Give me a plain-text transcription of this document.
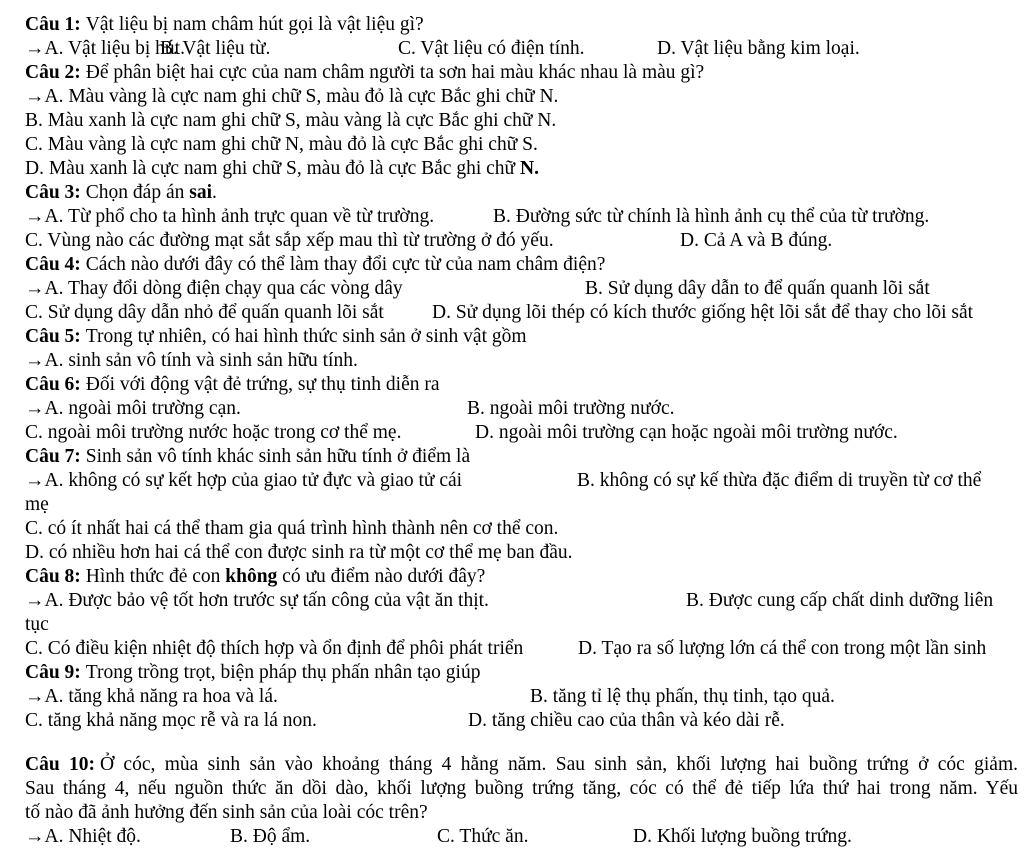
Câu 1: Vật liệu bị nam châm hút gọi là vật liệu gì?
→A. Vật liệu bị hút.
B. Vật liệu từ.	C. Vật liệu có điện tính.	D. Vật liệu bằng kim loại.
Câu 2: Để phân biệt hai cực của nam châm người ta sơn hai màu khác nhau là màu gì?
→A. Màu vàng là cực nam ghi chữ S, màu đỏ là cực Bắc ghi chữ N.
B. Màu xanh là cực nam ghi chữ S, màu vàng là cực Bắc ghi chữ N.
C. Màu vàng là cực nam ghi chữ N, màu đỏ là cực Bắc ghi chữ S.
D. Màu xanh là cực nam ghi chữ S, màu đỏ là cực Bắc ghi chữ N.
Câu 3: Chọn đáp án sai.
→A. Từ phổ cho ta hình ảnh trực quan về từ trường.	B. Đường sức từ chính là hình ảnh cụ thể của từ trường.
C. Vùng nào các đường mạt sắt sắp xếp mau thì từ trường ở đó yếu.	D. Cả A và B đúng.
Câu 4: Cách nào dưới đây có thể làm thay đổi cực từ của nam châm điện?
→A. Thay đổi dòng điện chạy qua các vòng dây	B. Sử dụng dây dẫn to để quấn quanh lõi sắt
C. Sử dụng dây dẫn nhỏ để quấn quanh lõi sắt D. Sử dụng lõi thép có kích thước giống hệt lõi sắt để thay cho lõi sắt
Câu 5: Trong tự nhiên, có hai hình thức sinh sản ở sinh vật gồm
→A. sinh sản vô tính và sinh sản hữu tính.
Câu 6: Đối với động vật đẻ trứng, sự thụ tinh diễn ra
→A. ngoài môi trường cạn.	B. ngoài môi trường nước.
C. ngoài môi trường nước hoặc trong cơ thể mẹ.	D. ngoài môi trường cạn hoặc ngoài môi trường nước.
Câu 7: Sinh sản vô tính khác sinh sản hữu tính ở điểm là
→A. không có sự kết hợp của giao tử đực và giao tử cái	B. không có sự kế thừa đặc điểm di truyền từ cơ thể
mẹ
C. có ít nhất hai cá thể tham gia quá trình hình thành nên cơ thể con.
D. có nhiều hơn hai cá thể con được sinh ra từ một cơ thể mẹ ban đầu.
Câu 8: Hình thức đẻ con không có ưu điểm nào dưới đây?
→A. Được bảo vệ tốt hơn trước sự tấn công của vật ăn thịt.	B. Được cung cấp chất dinh dưỡng liên
tục
C. Có điều kiện nhiệt độ thích hợp và ổn định để phôi phát triển	D. Tạo ra số lượng lớn cá thể con trong một lần sinh
Câu 9: Trong trồng trọt, biện pháp thụ phấn nhân tạo giúp
→A. tăng khả năng ra hoa và lá.	B. tăng tỉ lệ thụ phấn, thụ tinh, tạo quả.
C. tăng khả năng mọc rễ và ra lá non.	D. tăng chiều cao của thân và kéo dài rễ.
Câu 10: Ở cóc, mùa sinh sản vào khoảng tháng 4 hằng năm. Sau sinh sản, khối lượng hai buồng trứng ở cóc giảm.
Sau tháng 4, nếu nguồn thức ăn dồi dào, khối lượng buồng trứng tăng, cóc có thể đẻ tiếp lứa thứ hai trong năm. Yếu
tố nào đã ảnh hưởng đến sinh sản của loài cóc trên?
→A. Nhiệt độ.	B. Độ ẩm.	C. Thức ăn.	D. Khối lượng buồng trứng.
